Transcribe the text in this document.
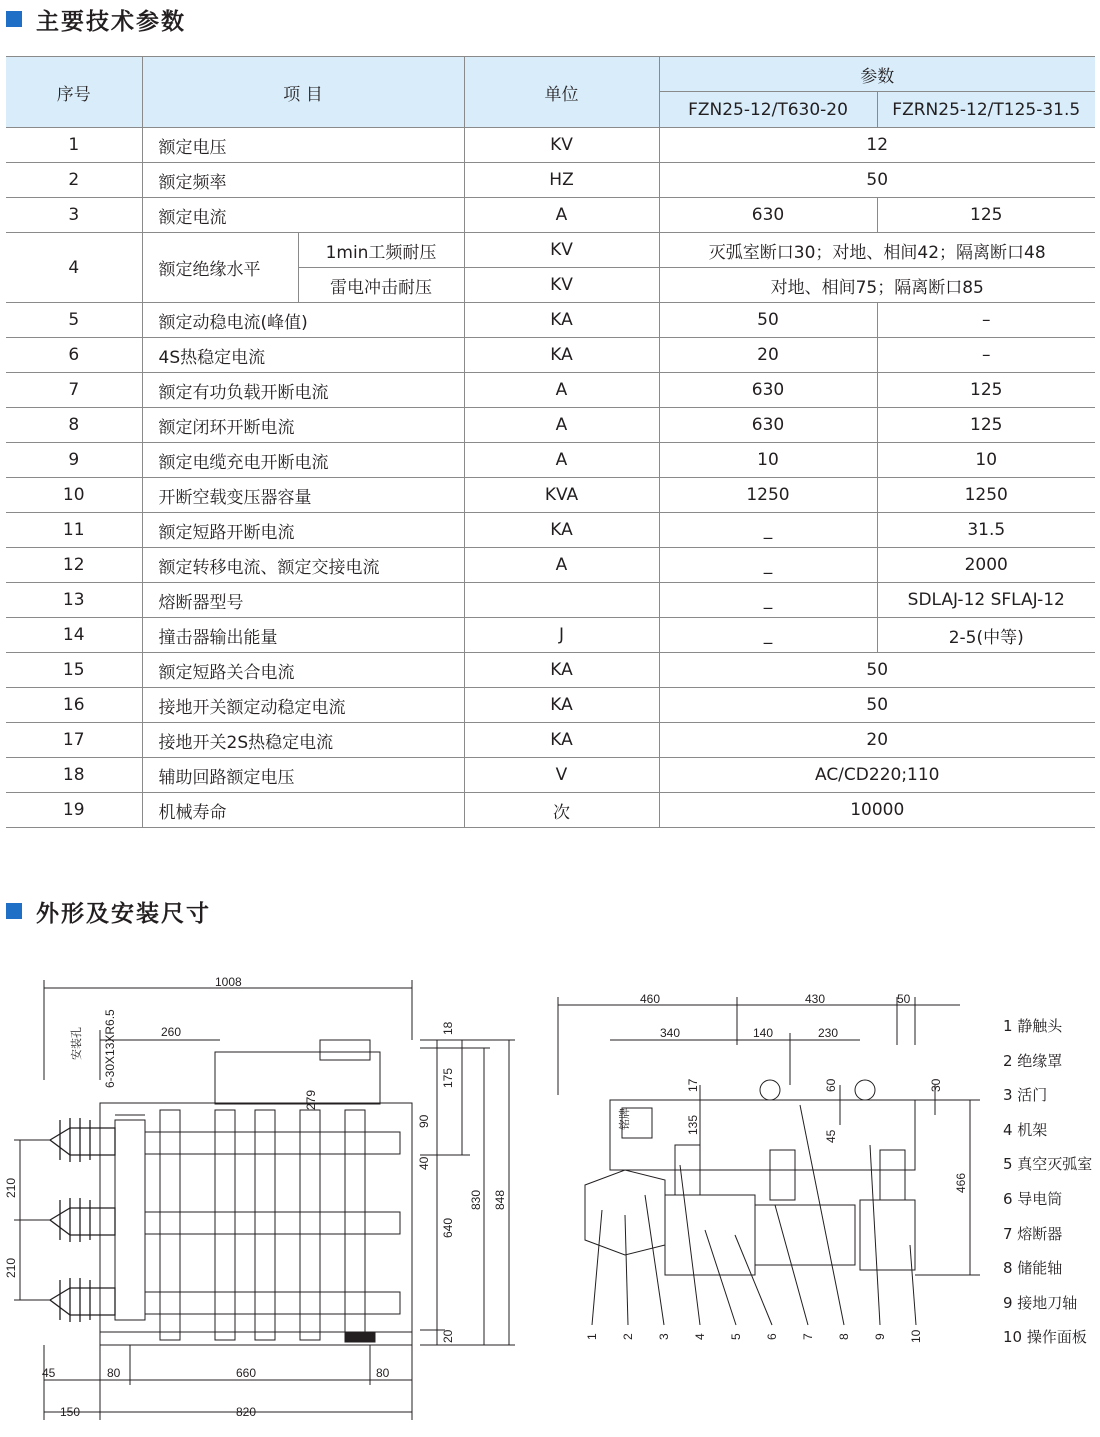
主要技术参数
序号	项 目		单位	参数	
				FZN25-12/T630-20	FZRN25-12/T125-31.5
1	额定电压		KV	12	
2	额定频率		HZ	50	
3	额定电流		A	630	125
4	额定绝缘水平	1min工频耐压	KV	灭弧室断口30；对地、相间42；隔离断口48	
		雷电冲击耐压	KV	对地、相间75；隔离断口85	
5	额定动稳电流(峰值)		KA	50	–
6	4S热稳定电流		KA	20	–
7	额定有功负载开断电流		A	630	125
8	额定闭环开断电流		A	630	125
9	额定电缆充电开断电流		A	10	10
10	开断空载变压器容量		KVA	1250	1250
11	额定短路开断电流		KA	_	31.5
12	额定转移电流、额定交接电流		A	_	2000
13	熔断器型号			_	SDLAJ-12 SFLAJ-12
14	撞击器输出能量		J	_	2-5(中等)
15	额定短路关合电流		KA	50	
16	接地开关额定动稳定电流		KA	50	
17	接地开关2S热稳定电流		KA	20	
18	辅助回路额定电压		V	AC/CD220;110	
19	机械寿命		次	10000	
外形及安装尺寸
1008
260	18
175
279
90
40
640
830 848
20
210
210
45	80	660	80
150	820
6-30X13XR6.5
安装孔
460	430	50
340	140	230
17	60	30
135
45
466
铭牌
1 2 3 4 5 6 7 8 9 10
1 静触头
2 绝缘罩
3 活门
4 机架
5 真空灭弧室
6 导电筒
7 熔断器
8 储能轴
9 接地刀轴
10 操作面板
